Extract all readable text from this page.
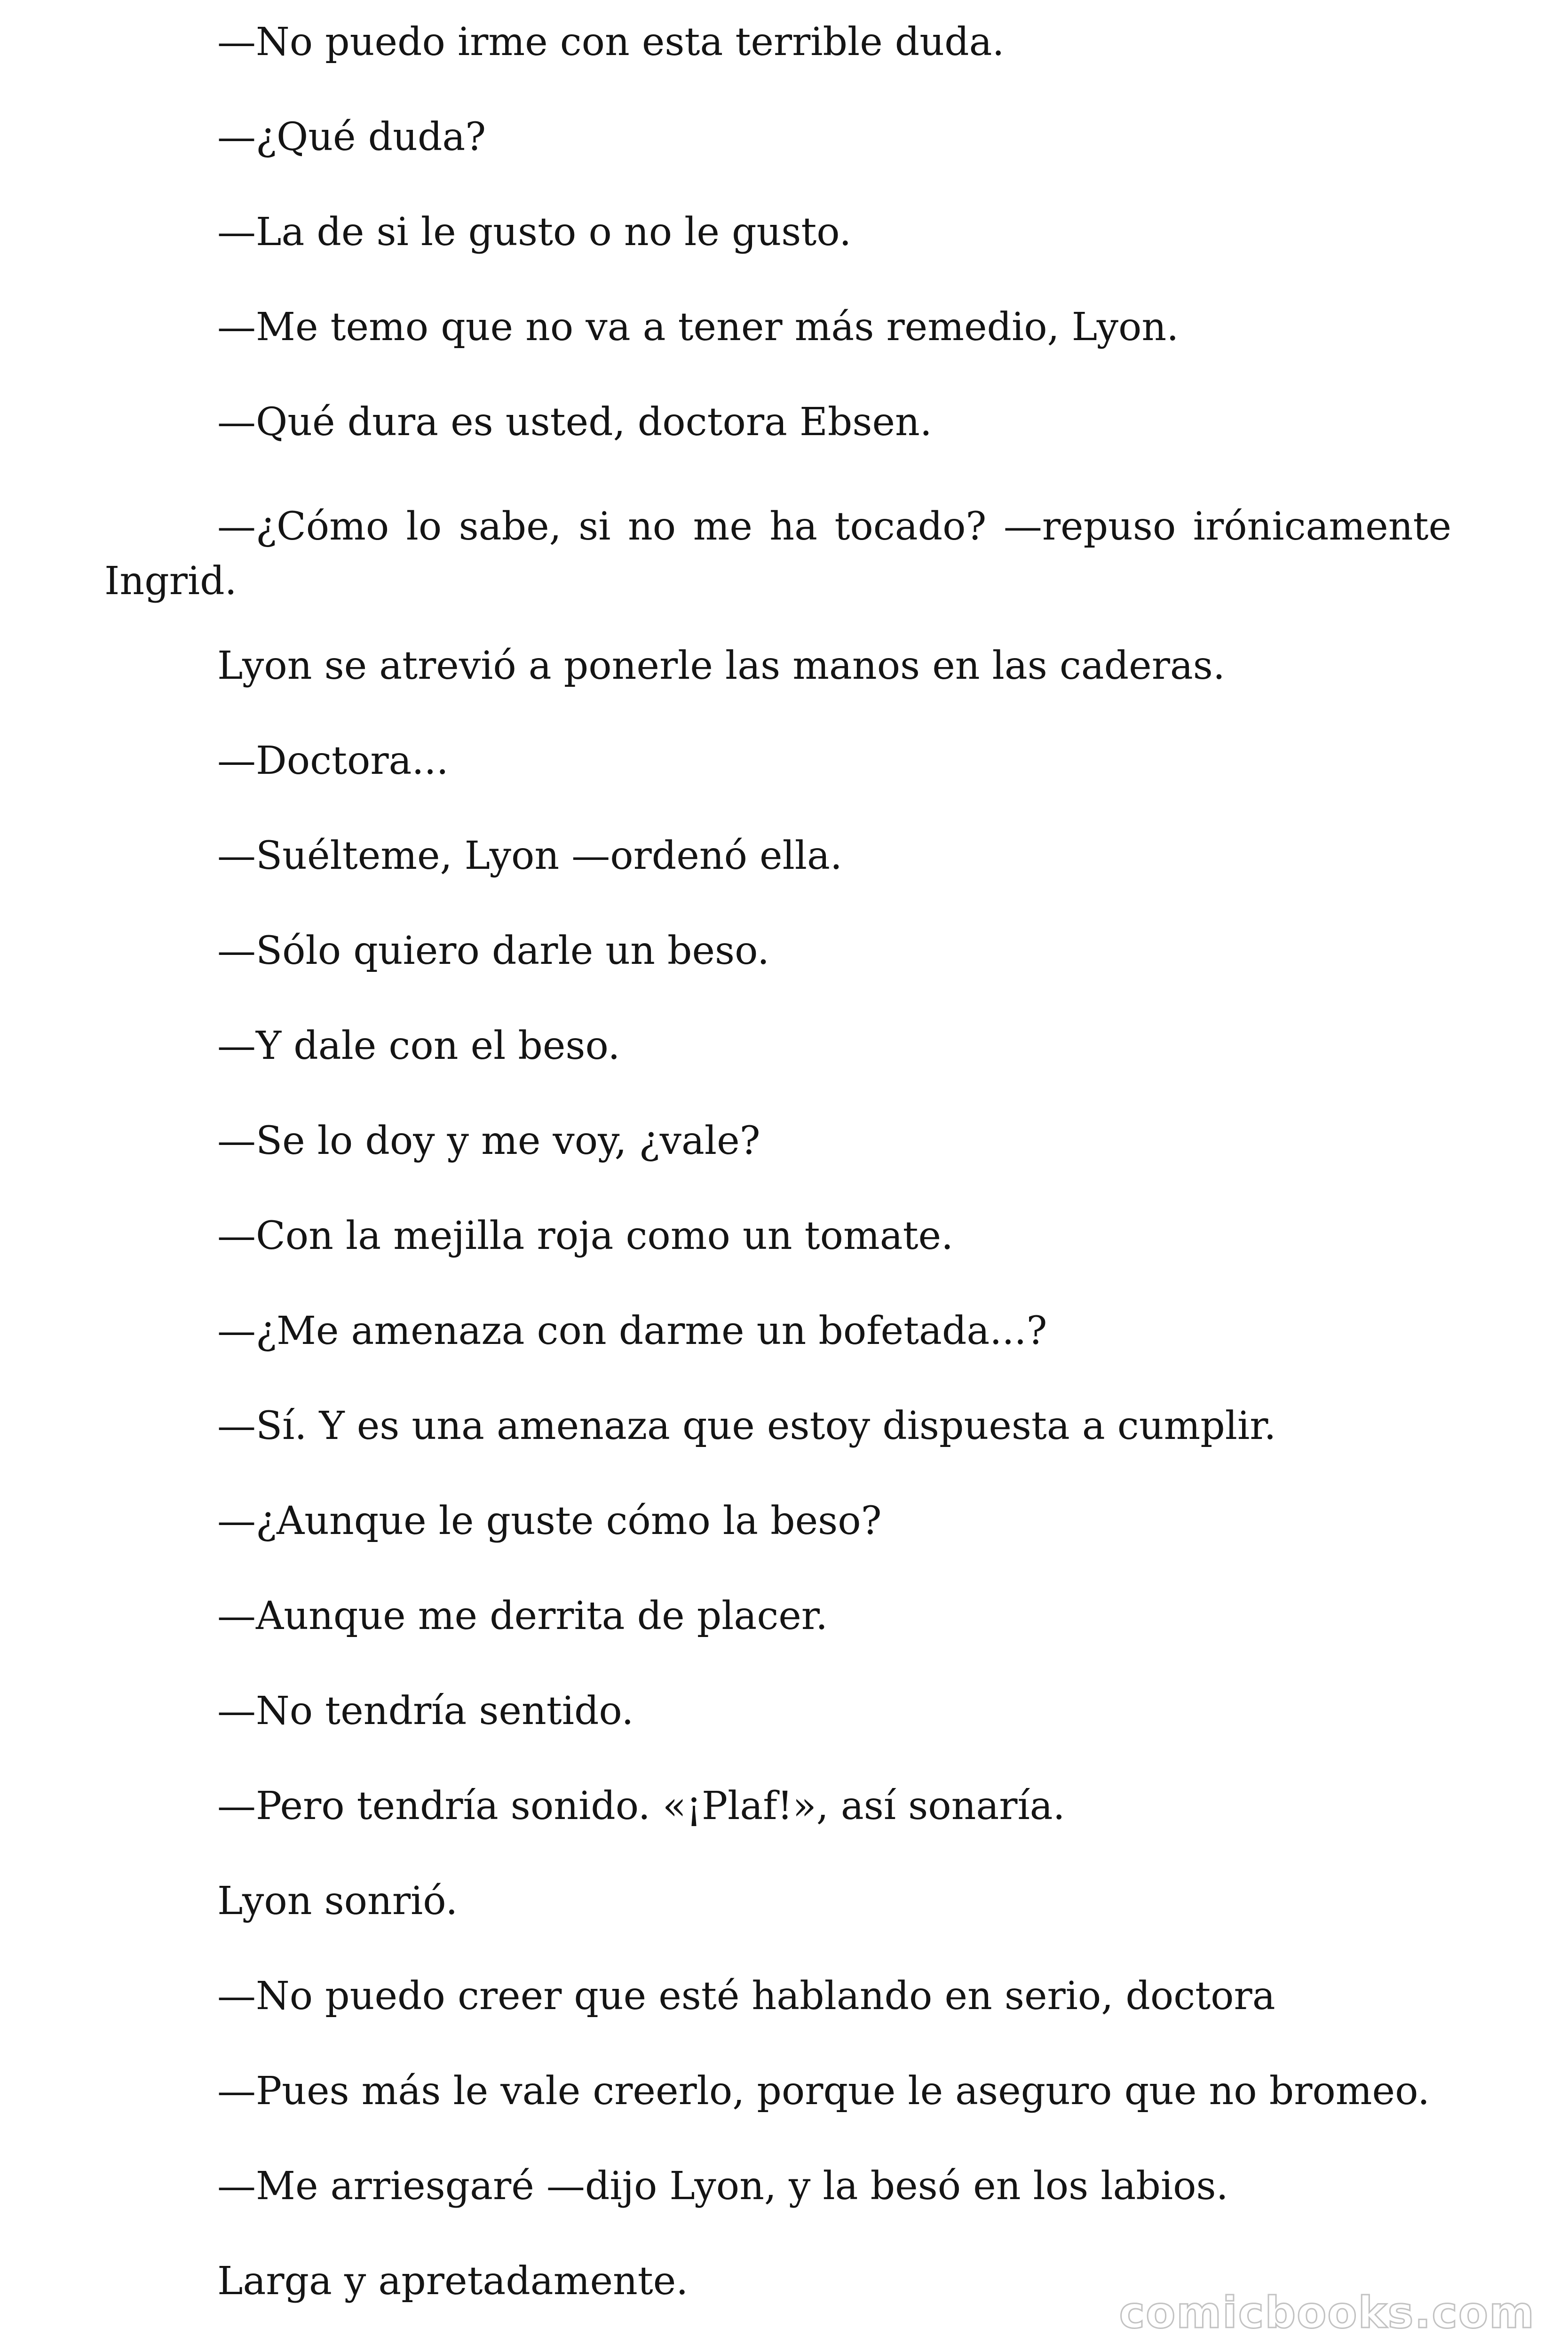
—No puedo irme con esta terrible duda.

—¿Qué duda?

—La de si le gusto o no le gusto.

—Me temo que no va a tener más remedio, Lyon.

—Qué dura es usted, doctora Ebsen.

—¿Cómo lo sabe, si no me ha tocado? —repuso irónicamente Ingrid.

Lyon se atrevió a ponerle las manos en las caderas.

—Doctora...

—Suélteme, Lyon —ordenó ella.

—Sólo quiero darle un beso.

—Y dale con el beso.

—Se lo doy y me voy, ¿vale?

—Con la mejilla roja como un tomate.

—¿Me amenaza con darme un bofetada...?

—Sí. Y es una amenaza que estoy dispuesta a cumplir.

—¿Aunque le guste cómo la beso?

—Aunque me derrita de placer.

—No tendría sentido.

—Pero tendría sonido. «¡Plaf!», así sonaría.

Lyon sonrió.

—No puedo creer que esté hablando en serio, doctora

—Pues más le vale creerlo, porque le aseguro que no bromeo.

—Me arriesgaré —dijo Lyon, y la besó en los labios.

Larga y apretadamente.

comicbooks.com
